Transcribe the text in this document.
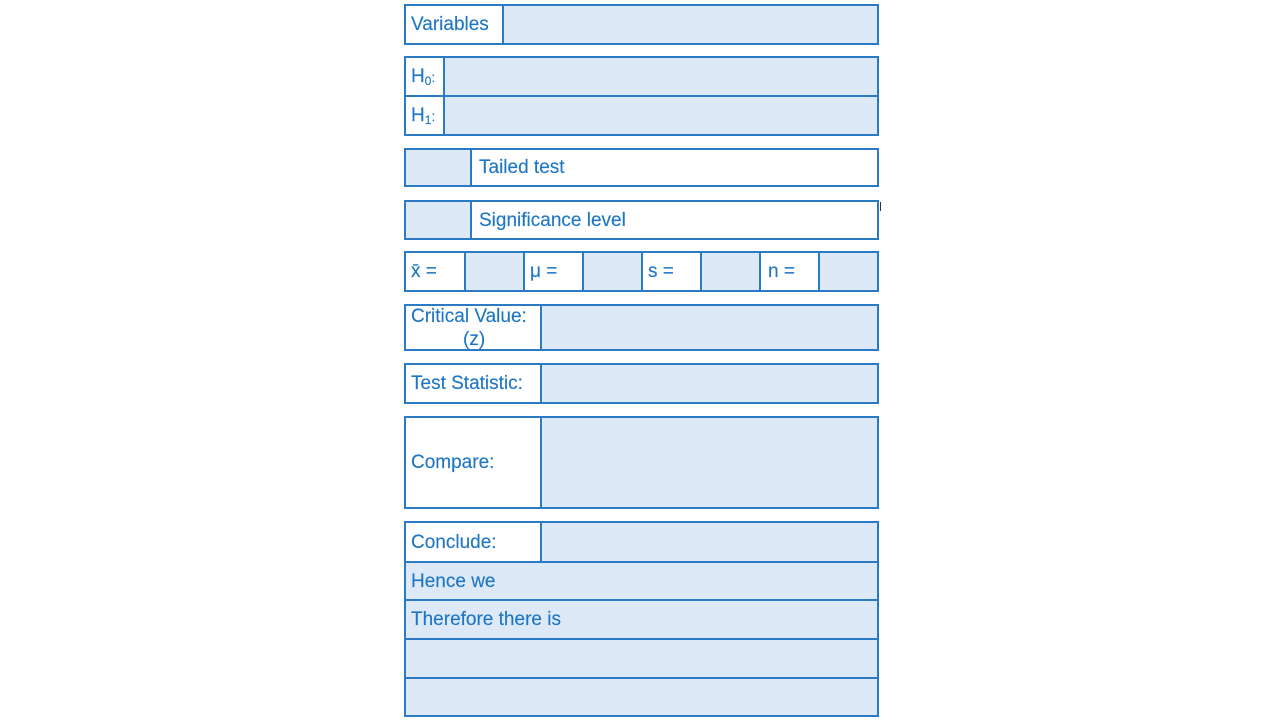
Variables
H 0 :
H 1 :
Tailed test
Significance level
x̄ =	μ =	s =	n =
Critical Value:
(z)
Test Statistic:
Compare:
Conclude:
Hence we
Therefore there is
